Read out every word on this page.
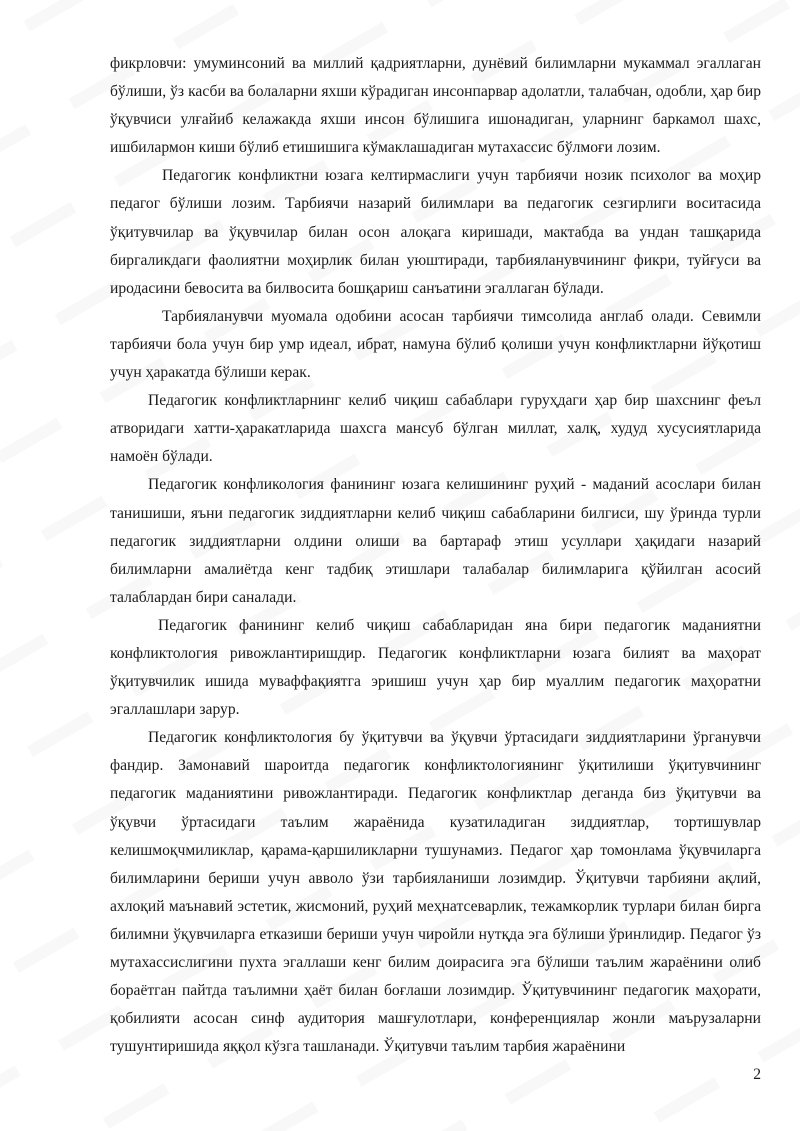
фикрловчи: умуминсоний ва миллий қадриятларни, дунёвий билимларни мукаммал эгаллаган бўлиши, ўз касби ва болаларни яхши кўрадиган инсонпарвар адолатли, талабчан, одобли, ҳар бир ўқувчиси улғайиб келажакда яхши инсон бўлишига ишонадиган, уларнинг баркамол шахс, ишбилармон киши бўлиб етишишига кўмаклашадиган мутахассис бўлмоғи лозим.

Педагогик конфликтни юзага келтирмаслиги учун тарбиячи нозик психолог ва моҳир педагог бўлиши лозим. Тарбиячи назарий билимлари ва педагогик сезгирлиги воситасида ўқитувчилар ва ўқувчилар билан осон алоқага киришади, мактабда ва ундан ташқарида биргаликдаги фаолиятни моҳирлик билан уюштиради, тарбияланувчининг фикри, туйғуси ва иродасини бевосита ва билвосита бошқариш санъатини эгаллаган бўлади.

Тарбияланувчи муомала одобини асосан тарбиячи тимсолида англаб олади. Севимли тарбиячи бола учун бир умр идеал, ибрат, намуна бўлиб қолиши учун конфликтларни йўқотиш учун ҳаракатда бўлиши керак.

Педагогик конфликтларнинг келиб чиқиш сабаблари гуруҳдаги ҳар бир шахснинг феъл атворидаги хатти-ҳаракатларида шахсга мансуб бўлган миллат, халқ, худуд хусусиятларида намоён бўлади.

Педагогик конфликология фанининг юзага келишининг руҳий - маданий асослари билан танишиши, яъни педагогик зиддиятларни келиб чиқиш сабабларини билгиси, шу ўринда турли педагогик зиддиятларни олдини олиши ва бартараф этиш усуллари ҳақидаги назарий билимларни амалиётда кенг тадбиқ этишлари талабалар билимларига қўйилган асосий талаблардан бири саналади.

Педагогик фанининг келиб чиқиш сабабларидан яна бири педагогик маданиятни конфликтология ривожлантиришдир. Педагогик конфликтларни юзага билият ва маҳорат ўқитувчилик ишида муваффақиятга эришиш учун ҳар бир муаллим педагогик маҳоратни эгаллашлари зарур.

Педагогик конфликтология бу ўқитувчи ва ўқувчи ўртасидаги зиддиятларини ўрганувчи фандир. Замонавий шароитда педагогик конфликтологиянинг ўқитилиши ўқитувчининг педагогик маданиятини ривожлантиради. Педагогик конфликтлар деганда биз ўқитувчи ва ўқувчи ўртасидаги таълим жараёнида кузатиладиган зиддиятлар, тортишувлар келишмоқчмиликлар, қарама-қаршиликларни тушунамиз. Педагог ҳар томонлама ўқувчиларга билимларини бериши учун авволо ўзи тарбияланиши лозимдир. Ўқитувчи тарбияни ақлий, ахлоқий маънавий эстетик, жисмоний, руҳий меҳнатсеварлик, тежамкорлик турлари билан бирга билимни ўқувчиларга етказиши бериши учун чиройли нутқда эга бўлиши ўринлидир. Педагог ўз мутахассислигини пухта эгаллаши кенг билим доирасига эга бўлиши таълим жараёнини олиб бораётган пайтда таълимни ҳаёт билан боғлаши лозимдир. Ўқитувчининг педагогик маҳорати, қобилияти асосан синф аудитория машғулотлари, конференциялар жонли маърузаларни тушунтиришида яққол кўзга ташланади. Ўқитувчи таълим тарбия жараёнини

2
